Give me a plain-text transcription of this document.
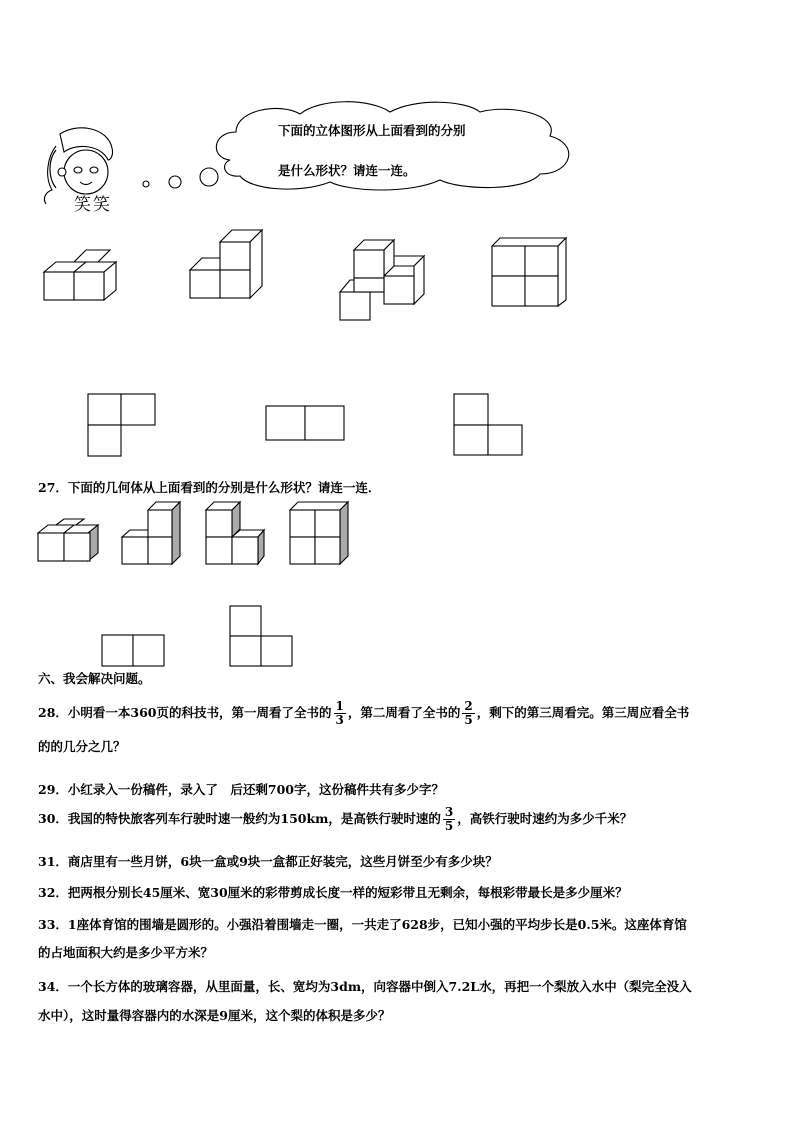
笑笑
下面的立体图形从上面看到的分别
是什么形状？请连一连。
27．下面的几何体从上面看到的分别是什么形状？请连一连．
六、我会解决问题。
28．小明看一本360页的科技书，第一周看了全书的 $\frac{1}{3}$ ，第二周看了全书的 $\frac{2}{5}$ ，剩下的第三周看完。第三周应看全书
的的几分之几？
29．小红录入一份稿件，录入了　后还剩700字，这份稿件共有多少字？
30．我国的特快旅客列车行驶时速一般约为150km，是高铁行驶时速的 $\frac{3}{5}$ ，高铁行驶时速约为多少千米？
31．商店里有一些月饼，6块一盒或9块一盒都正好装完，这些月饼至少有多少块？
32．把两根分别长45厘米、宽30厘米的彩带剪成长度一样的短彩带且无剩余，每根彩带最长是多少厘米？
33．1座体育馆的围墙是圆形的。小强沿着围墙走一圈，一共走了628步，已知小强的平均步长是0.5米。这座体育馆
的占地面积大约是多少平方米？
34．一个长方体的玻璃容器，从里面量，长、宽均为3dm，向容器中倒入7.2L水，再把一个梨放入水中（梨完全没入
水中），这时量得容器内的水深是9厘米，这个梨的体积是多少？
